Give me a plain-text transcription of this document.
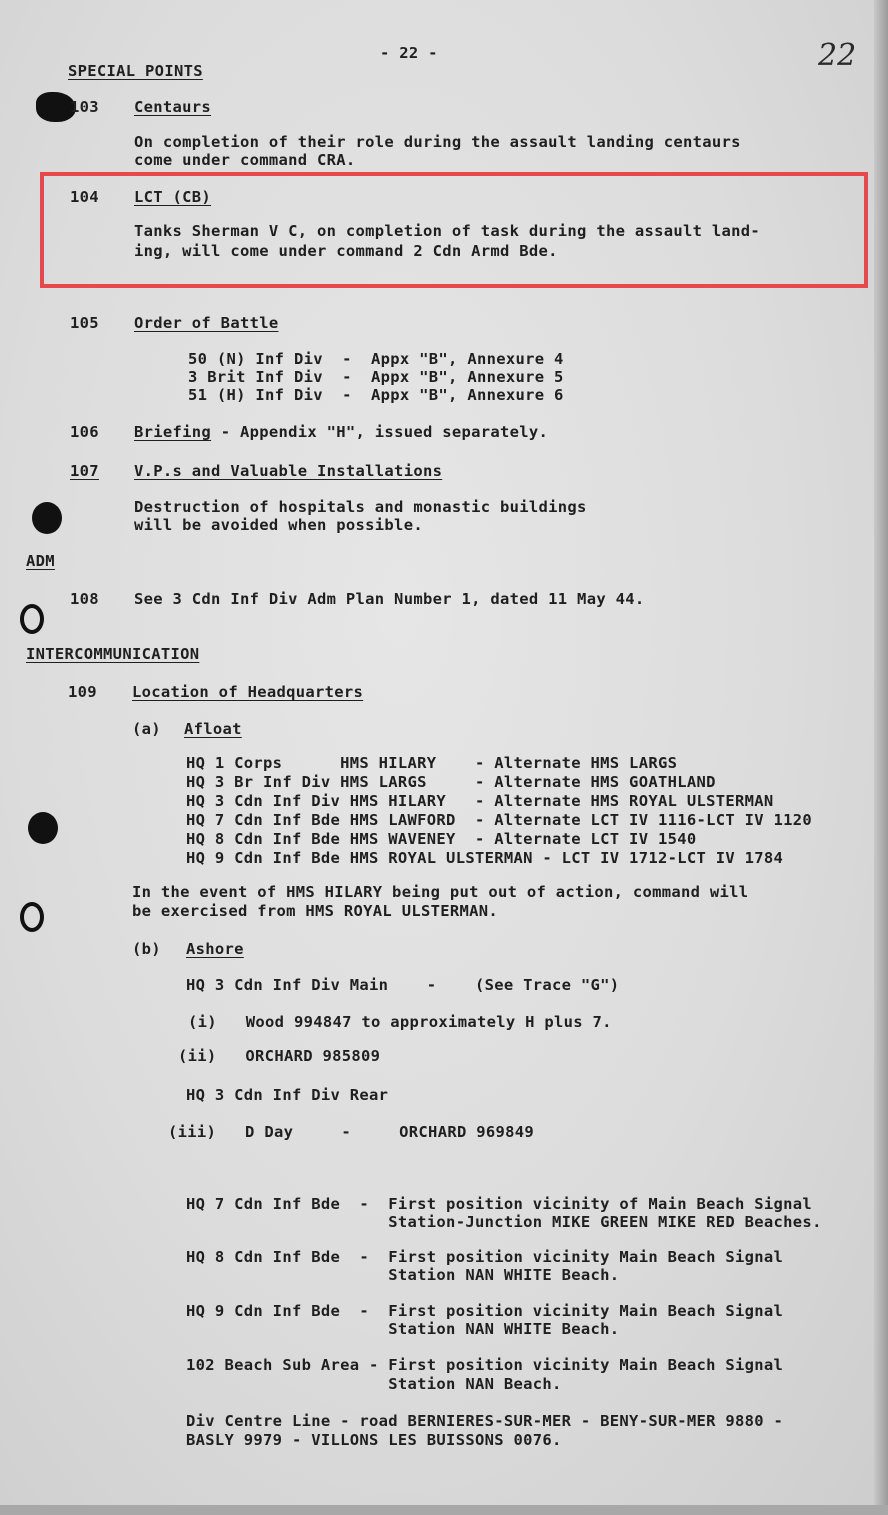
- 22 -	22
SPECIAL POINTS
103 Centaurs
On completion of their role during the assault landing centaurs
come under command CRA.
104 LCT (CB)
Tanks Sherman V C, on completion of task during the assault land-
ing, will come under command 2 Cdn Armd Bde.
105 Order of Battle
50 (N) Inf Div  -  Appx "B", Annexure 4
3 Brit Inf Div  -  Appx "B", Annexure 5
51 (H) Inf Div  -  Appx "B", Annexure 6
106 Briefing - Appendix "H", issued separately.
107 V.P.s and Valuable Installations
Destruction of hospitals and monastic buildings
will be avoided when possible.
ADM
108 See 3 Cdn Inf Div Adm Plan Number 1, dated 11 May 44.
INTERCOMMUNICATION
109 Location of Headquarters
(a) Afloat
HQ 1 Corps      HMS HILARY    - Alternate HMS LARGS
HQ 3 Br Inf Div HMS LARGS     - Alternate HMS GOATHLAND
HQ 3 Cdn Inf Div HMS HILARY   - Alternate HMS ROYAL ULSTERMAN
HQ 7 Cdn Inf Bde HMS LAWFORD  - Alternate LCT IV 1116-LCT IV 1120
HQ 8 Cdn Inf Bde HMS WAVENEY  - Alternate LCT IV 1540
HQ 9 Cdn Inf Bde HMS ROYAL ULSTERMAN - LCT IV 1712-LCT IV 1784
In the event of HMS HILARY being put out of action, command will
be exercised from HMS ROYAL ULSTERMAN.
(b) Ashore
HQ 3 Cdn Inf Div Main    -    (See Trace "G")
(i)   Wood 994847 to approximately H plus 7.
(ii)   ORCHARD 985809
HQ 3 Cdn Inf Div Rear
(iii)   D Day     -     ORCHARD 969849
HQ 7 Cdn Inf Bde  -  First position vicinity of Main Beach Signal
Station-Junction MIKE GREEN MIKE RED Beaches.
HQ 8 Cdn Inf Bde  -  First position vicinity Main Beach Signal
Station NAN WHITE Beach.
HQ 9 Cdn Inf Bde  -  First position vicinity Main Beach Signal
Station NAN WHITE Beach.
102 Beach Sub Area - First position vicinity Main Beach Signal
Station NAN Beach.
Div Centre Line - road BERNIERES-SUR-MER - BENY-SUR-MER 9880 -
BASLY 9979 - VILLONS LES BUISSONS 0076.
